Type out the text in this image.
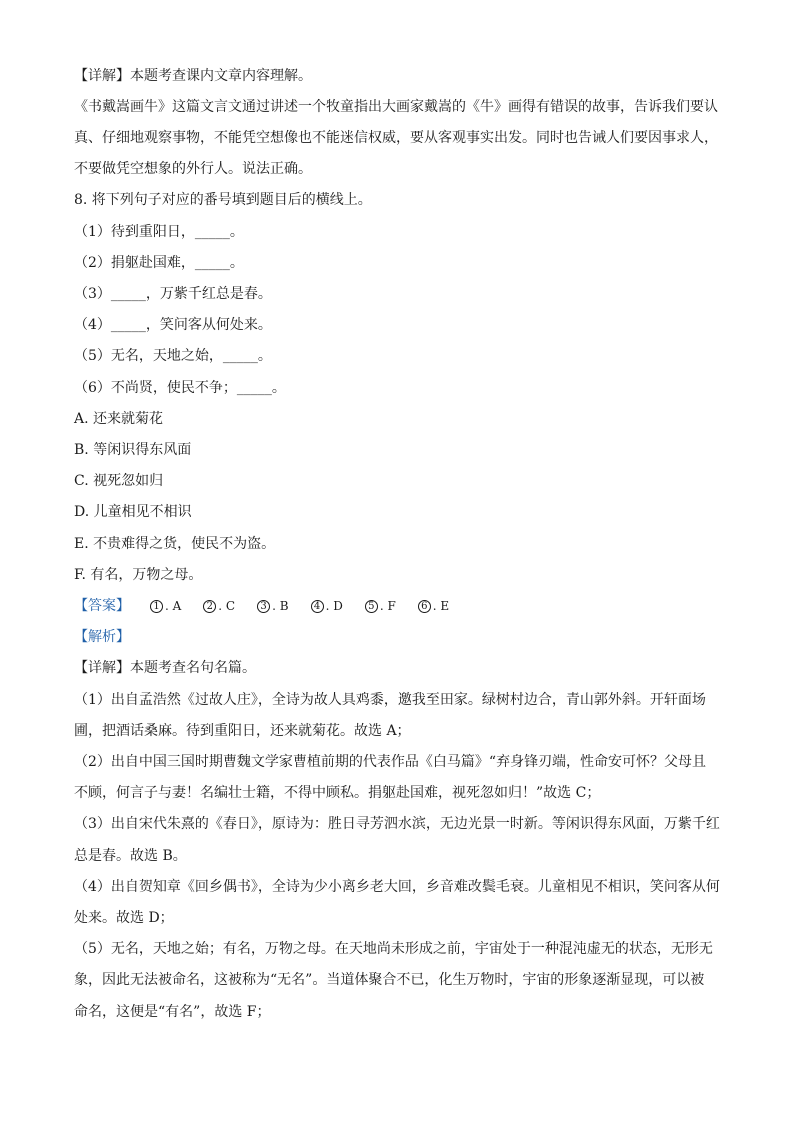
【详解】本题考查课内文章内容理解。
《书戴嵩画牛》这篇文言文通过讲述一个牧童指出大画家戴嵩的《牛》画得有错误的故事，告诉我们要认
真、仔细地观察事物，不能凭空想像也不能迷信权威，要从客观事实出发。同时也告诫人们要因事求人，
不要做凭空想象的外行人。说法正确。
8. 将下列句子对应的番号填到题目后的横线上。
（1）待到重阳日，_____。
（2）捐躯赴国难，_____。
（3）_____，万紫千红总是春。
（4）_____，笑问客从何处来。
（5）无名，天地之始，_____。
（6）不尚贤，使民不争；_____。
A. 还来就菊花
B. 等闲识得东风面
C. 视死忽如归
D. 儿童相见不相识
E. 不贵难得之货，使民不为盗。
F. 有名，万物之母。
【答案】	1 . A	2 . C	3 . B	4 . D	5 . F	6 . E
【解析】
【详解】本题考查名句名篇。
（1）出自孟浩然《过故人庄》，全诗为故人具鸡黍，邀我至田家。绿树村边合，青山郭外斜。开轩面场
圃，把酒话桑麻。待到重阳日，还来就菊花。故选 A；
（2）出自中国三国时期曹魏文学家曹植前期的代表作品《白马篇》“弃身锋刃端，性命安可怀？父母且
不顾，何言子与妻！名编壮士籍，不得中顾私。捐躯赴国难，视死忽如归！”故选 C；
（3）出自宋代朱熹的《春日》，原诗为：胜日寻芳泗水滨，无边光景一时新。等闲识得东风面，万紫千红
总是春。故选 B。
（4）出自贺知章《回乡偶书》，全诗为少小离乡老大回，乡音难改鬓毛衰。儿童相见不相识，笑问客从何
处来。故选 D；
（5）无名，天地之始；有名，万物之母。在天地尚未形成之前，宇宙处于一种混沌虚无的状态，无形无
象，因此无法被命名，这被称为“无名”。当道体聚合不已，化生万物时，宇宙的形象逐渐显现，可以被
命名，这便是“有名”，故选 F；
